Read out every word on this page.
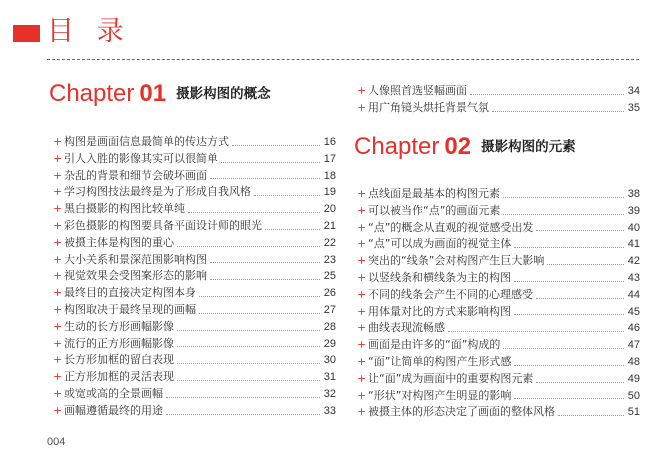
目 录
Chapter 01 摄影构图的概念
+ 构图是画面信息最简单的传达方式	16
+ 引人入胜的影像其实可以很简单	17
+ 杂乱的背景和细节会破坏画面	18
+ 学习构图技法最终是为了形成自我风格	19
+ 黑白摄影的构图比较单纯	20
+ 彩色摄影的构图要具备平面设计师的眼光	21
+ 被摄主体是构图的重心	22
+ 大小关系和景深范围影响构图	23
+ 视觉效果会受图案形态的影响	25
+ 最终目的直接决定构图本身	26
+ 构图取决于最终呈现的画幅	27
+ 生动的长方形画幅影像	28
+ 流行的正方形画幅影像	29
+ 长方形加框的留白表现	30
+ 正方形加框的灵活表现	31
+ 或宽或高的全景画幅	32
+ 画幅遵循最终的用途	33
+ 人像照首选竖幅画面	34
+ 用广角镜头烘托背景气氛	35
Chapter 02 摄影构图的元素
+ 点线面是最基本的构图元素	38
+ 可以被当作“点”的画面元素	39
+ “点”的概念从直观的视觉感受出发	40
+ “点”可以成为画面的视觉主体	41
+ 突出的“线条”会对构图产生巨大影响	42
+ 以竖线条和横线条为主的构图	43
+ 不同的线条会产生不同的心理感受	44
+ 用体量对比的方式来影响构图	45
+ 曲线表现流畅感	46
+ 画面是由许多的“面”构成的	47
+ “面”让简单的构图产生形式感	48
+ 让“面”成为画面中的重要构图元素	49
+ “形状”对构图产生明显的影响	50
+ 被摄主体的形态决定了画面的整体风格	51
004
